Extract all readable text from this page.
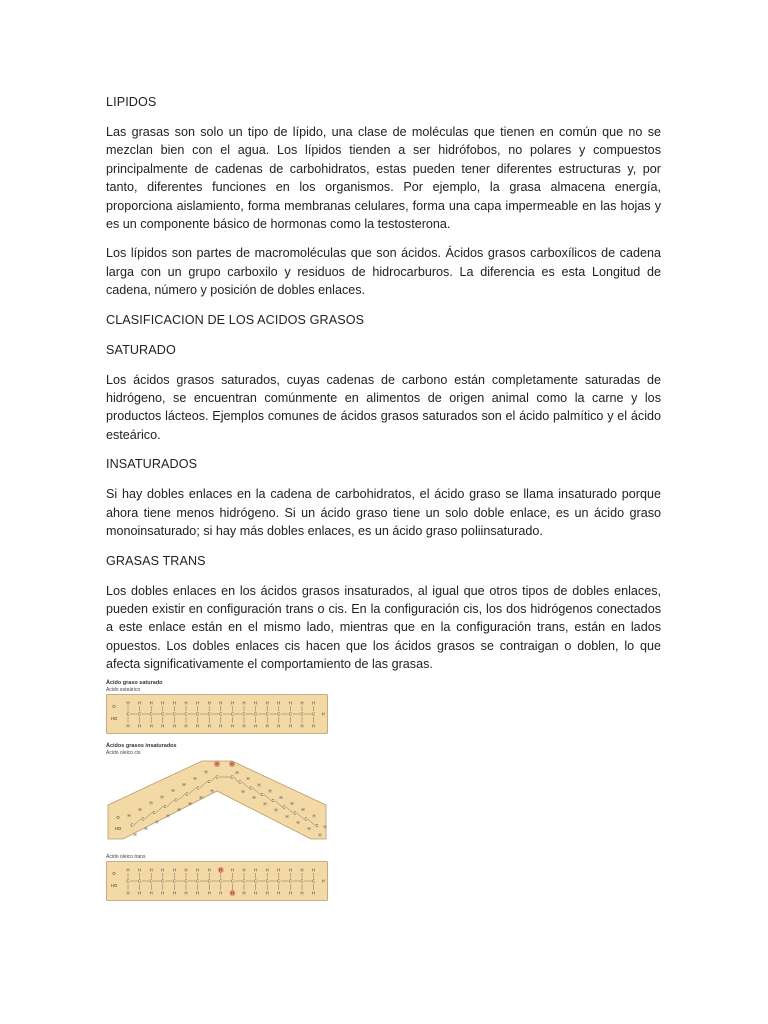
LIPIDOS

Las grasas son solo un tipo de lípido, una clase de moléculas que tienen en común que no se mezclan bien con el agua. Los lípidos tienden a ser hidrófobos, no polares y compuestos principalmente de cadenas de carbohidratos, estas pueden tener diferentes estructuras y, por tanto, diferentes funciones en los organismos. Por ejemplo, la grasa almacena energía, proporciona aislamiento, forma membranas celulares, forma una capa impermeable en las hojas y es un componente básico de hormonas como la testosterona.

Los lípidos son partes de macromoléculas que son ácidos. Ácidos grasos carboxílicos de cadena larga con un grupo carboxilo y residuos de hidrocarburos. La diferencia es esta Longitud de cadena, número y posición de dobles enlaces.

CLASIFICACION DE LOS ACIDOS GRASOS

SATURADO

Los ácidos grasos saturados, cuyas cadenas de carbono están completamente saturadas de hidrógeno, se encuentran comúnmente en alimentos de origen animal como la carne y los productos lácteos. Ejemplos comunes de ácidos grasos saturados son el ácido palmítico y el ácido esteárico.

INSATURADOS

Si hay dobles enlaces en la cadena de carbohidratos, el ácido graso se llama insaturado porque ahora tiene menos hidrógeno. Si un ácido graso tiene un solo doble enlace, es un ácido graso monoinsaturado; si hay más dobles enlaces, es un ácido graso poliinsaturado.

GRASAS TRANS

Los dobles enlaces en los ácidos grasos insaturados, al igual que otros tipos de dobles enlaces, pueden existir en configuración trans o cis. En la configuración cis, los dos hidrógenos conectados a este enlace están en el mismo lado, mientras que en la configuración trans, están en lados opuestos. Los dobles enlaces cis hacen que los ácidos grasos se contraigan o doblen, lo que afecta significativamente el comportamiento de las grasas.

Ácido graso saturado
Ácido esteárico
O
HO
C
H
H
C
H
H
C
H
H
C
H
H
C
H
H
C
H
H
C
H
H
C
H
H
C
H
H
C
H
H
C
H
H
C
H
H
C
H
H
C
H
H
C
H
H
C
H
H
C
H
H
H
Ácidos grasos insaturados
Ácido oleico cis
O
HO
C
H
H
C
H
H
C
H
H
C
H
H
C
H
H
C
H
H
C
H
H
C
H
H
C
H
C
H
C
H
H
C
H
H
C
H
H
C
H
H
C
H
H
C
H
H
C
H
H
C
H
H
H
Ácido oleico trans
O
HO
C
H
H
C
H
H
C
H
H
C
H
H
C
H
H
C
H
H
C
H
H
C
H
H
C
H
H
C
H
H
C
H
H
C
H
H
C
H
H
C
H
H
C
H
H
C
H
H
C
H
H
H
